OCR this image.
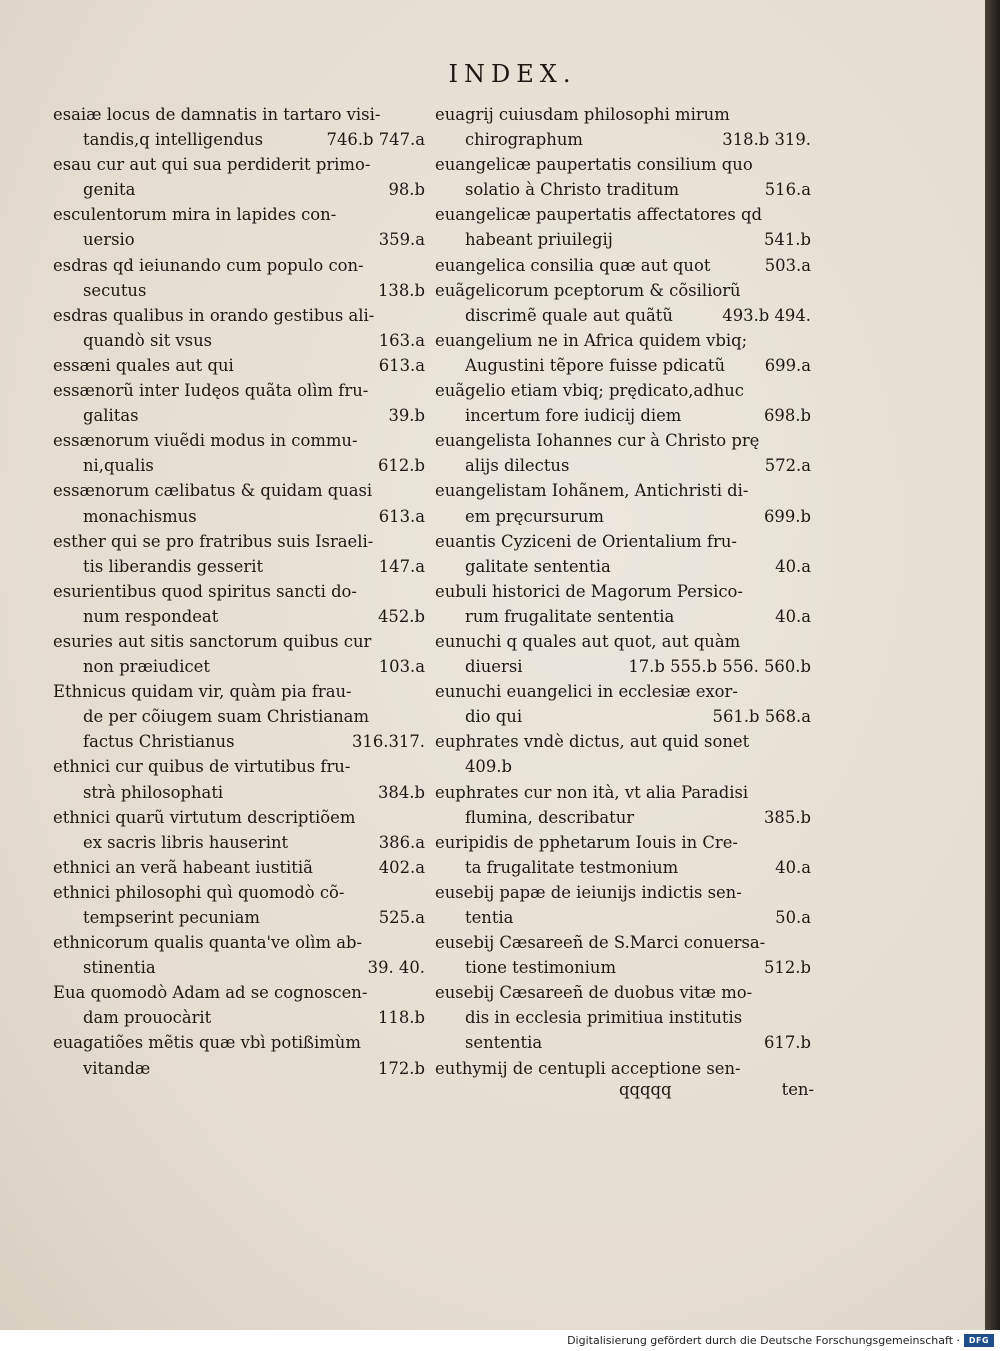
INDEX.
esaiæ locus de damnatis in tartaro visi-
tandis,q intelligendus	746.b 747.a
esau cur aut qui sua perdiderit primo-
genita	98.b
esculentorum mira in lapides con-
uersio	359.a
esdras qd ieiunando cum populo con-
secutus	138.b
esdras qualibus in orando gestibus ali-
quandò sit vsus	163.a
essæni quales aut qui	613.a
essænorũ inter Iudęos quãta olìm fru-
galitas	39.b
essænorum viuẽdi modus in commu-
ni,qualis	612.b
essænorum cælibatus & quidam quasi
monachismus	613.a
esther qui se pro fratribus suis Israeli-
tis liberandis gesserit	147.a
esurientibus quod spiritus sancti do-
num respondeat	452.b
esuries aut sitis sanctorum quibus cur
non præiudicet	103.a
Ethnicus quidam vir, quàm pia frau-
de per cõiugem suam Christianam
factus Christianus	316.317.
ethnici cur quibus de virtutibus fru-
strà philosophati	384.b
ethnici quarũ virtutum descriptiõem
ex sacris libris hauserint	386.a
ethnici an verã habeant iustitiã	402.a
ethnici philosophi quì quomodò cõ-
tempserint pecuniam	525.a
ethnicorum qualis quanta've olìm ab-
stinentia	39. 40.
Eua quomodò Adam ad se cognoscen-
dam prouocàrit	118.b
euagatiões mẽtis quæ vbì potißimùm
vitandæ	172.b
euagrij cuiusdam philosophi mirum
chirographum	318.b 319.
euangelicæ paupertatis consilium quo
solatio à Christo traditum	516.a
euangelicæ paupertatis affectatores qd
habeant priuilegij	541.b
euangelica consilia quæ aut quot	503.a
euãgelicorum pceptorum & cõsiliorũ
discrimẽ quale aut quãtũ	493.b 494.
euangelium ne in Africa quidem vbiq;
Augustini tẽpore fuisse pdicatũ	699.a
euãgelio etiam vbiq; prędicato,adhuc
incertum fore iudicij diem	698.b
euangelista Iohannes cur à Christo prę
alijs dilectus	572.a
euangelistam Iohãnem, Antichristi di-
em pręcursurum	699.b
euantis Cyziceni de Orientalium fru-
galitate sententia	40.a
eubuli historici de Magorum Persico-
rum frugalitate sententia	40.a
eunuchi q quales aut quot, aut quàm
diuersi	17.b 555.b 556. 560.b
eunuchi euangelici in ecclesiæ exor-
dio qui	561.b 568.a
euphrates vndè dictus, aut quid sonet
409.b
euphrates cur non ità, vt alia Paradisi
flumina, describatur	385.b
euripidis de pphetarum Iouis in Cre-
ta frugalitate testmonium	40.a
eusebij papæ de ieiunijs indictis sen-
tentia	50.a
eusebij Cæsareeñ de S.Marci conuersa-
tione testimonium	512.b
eusebij Cæsareeñ de duobus vitæ mo-
dis in ecclesia primitiua institutis
sententia	617.b
euthymij de centupli acceptione sen-
qqqqq	ten-
Digitalisierung gefördert durch die Deutsche Forschungsgemeinschaft ·	DFG
